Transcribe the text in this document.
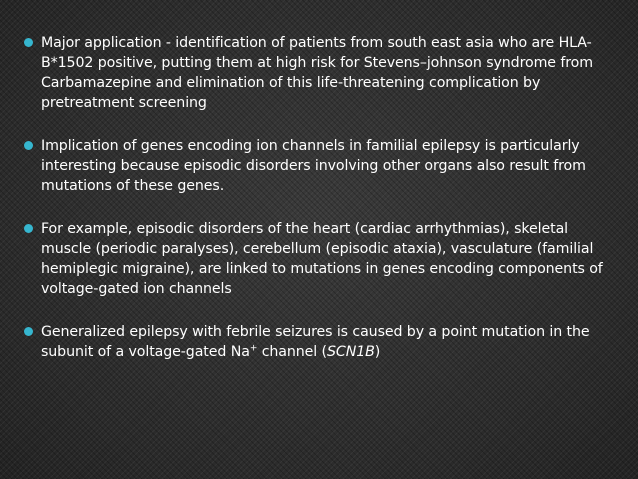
Major application - identification of patients from south east asia who are HLA-B*1502 positive, putting them at high risk for Stevens–johnson syndrome from Carbamazepine and elimination of this life-threatening complication by pretreatment screening
Implication of genes encoding ion channels in familial epilepsy is particularly interesting because episodic disorders involving other organs also result from mutations of these genes.
For example, episodic disorders of the heart (cardiac arrhythmias), skeletal muscle (periodic paralyses), cerebellum (episodic ataxia), vasculature (familial hemiplegic migraine), are linked to mutations in genes encoding components of voltage-gated ion channels
Generalized epilepsy with febrile seizures is caused by a point mutation in the subunit of a voltage-gated Na+ channel (SCN1B)
